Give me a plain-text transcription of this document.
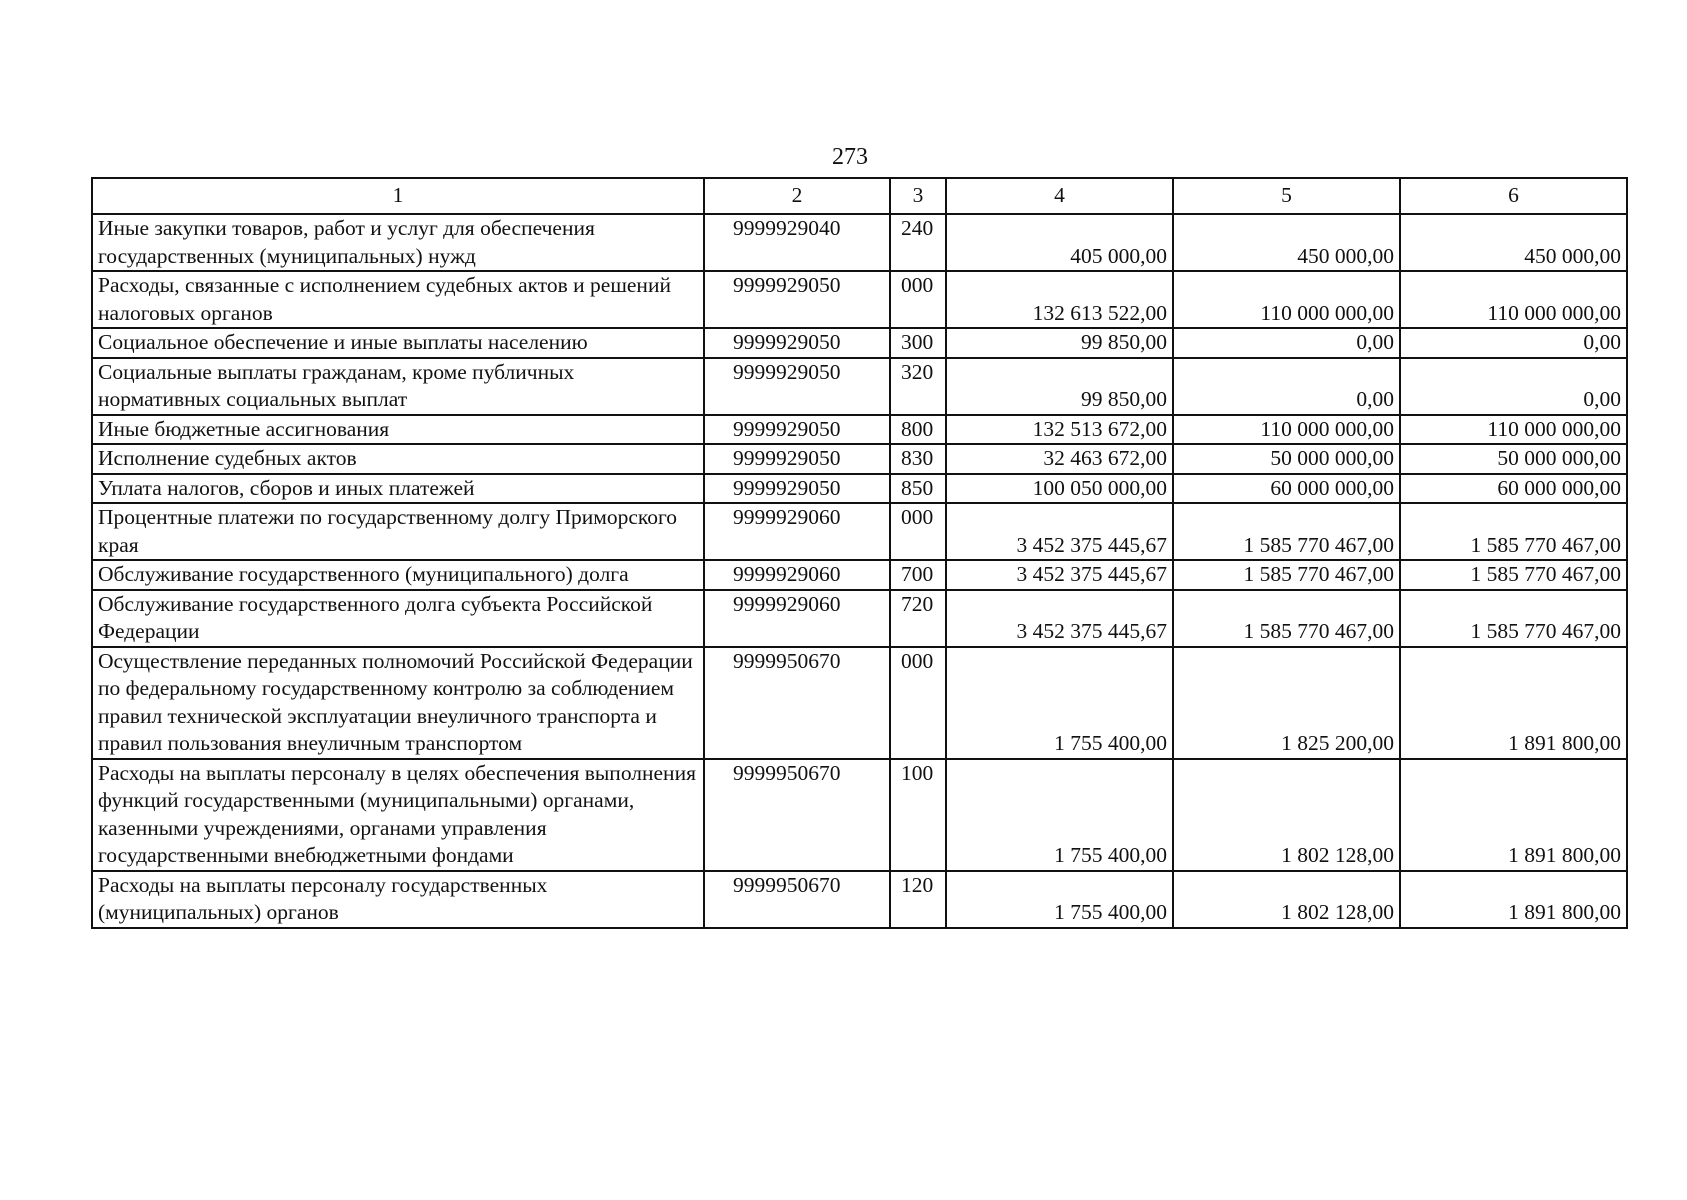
273
1	2	3	4	5	6
Иные закупки товаров, работ и услуг для обеспечения государственных (муниципальных) нужд	9999929040	240	405 000,00	450 000,00	450 000,00
Расходы, связанные с исполнением судебных актов и решений налоговых органов	9999929050	000	132 613 522,00	110 000 000,00	110 000 000,00
Социальное обеспечение и иные выплаты населению	9999929050	300	99 850,00	0,00	0,00
Социальные выплаты гражданам, кроме публичных нормативных социальных выплат	9999929050	320	99 850,00	0,00	0,00
Иные бюджетные ассигнования	9999929050	800	132 513 672,00	110 000 000,00	110 000 000,00
Исполнение судебных актов	9999929050	830	32 463 672,00	50 000 000,00	50 000 000,00
Уплата налогов, сборов и иных платежей	9999929050	850	100 050 000,00	60 000 000,00	60 000 000,00
Процентные платежи по государственному долгу Приморского края	9999929060	000	3 452 375 445,67	1 585 770 467,00	1 585 770 467,00
Обслуживание государственного (муниципального) долга	9999929060	700	3 452 375 445,67	1 585 770 467,00	1 585 770 467,00
Обслуживание государственного долга субъекта Российской Федерации	9999929060	720	3 452 375 445,67	1 585 770 467,00	1 585 770 467,00
Осуществление переданных полномочий Российской Федерации по федеральному государственному контролю за соблюдением правил технической эксплуатации внеуличного транспорта и правил пользования внеуличным транспортом	9999950670	000	1 755 400,00	1 825 200,00	1 891 800,00
Расходы на выплаты персоналу в целях обеспечения выполнения функций государственными (муниципальными) органами, казенными учреждениями, органами управления государственными внебюджетными фондами	9999950670	100	1 755 400,00	1 802 128,00	1 891 800,00
Расходы на выплаты персоналу государственных (муниципальных) органов	9999950670	120	1 755 400,00	1 802 128,00	1 891 800,00
